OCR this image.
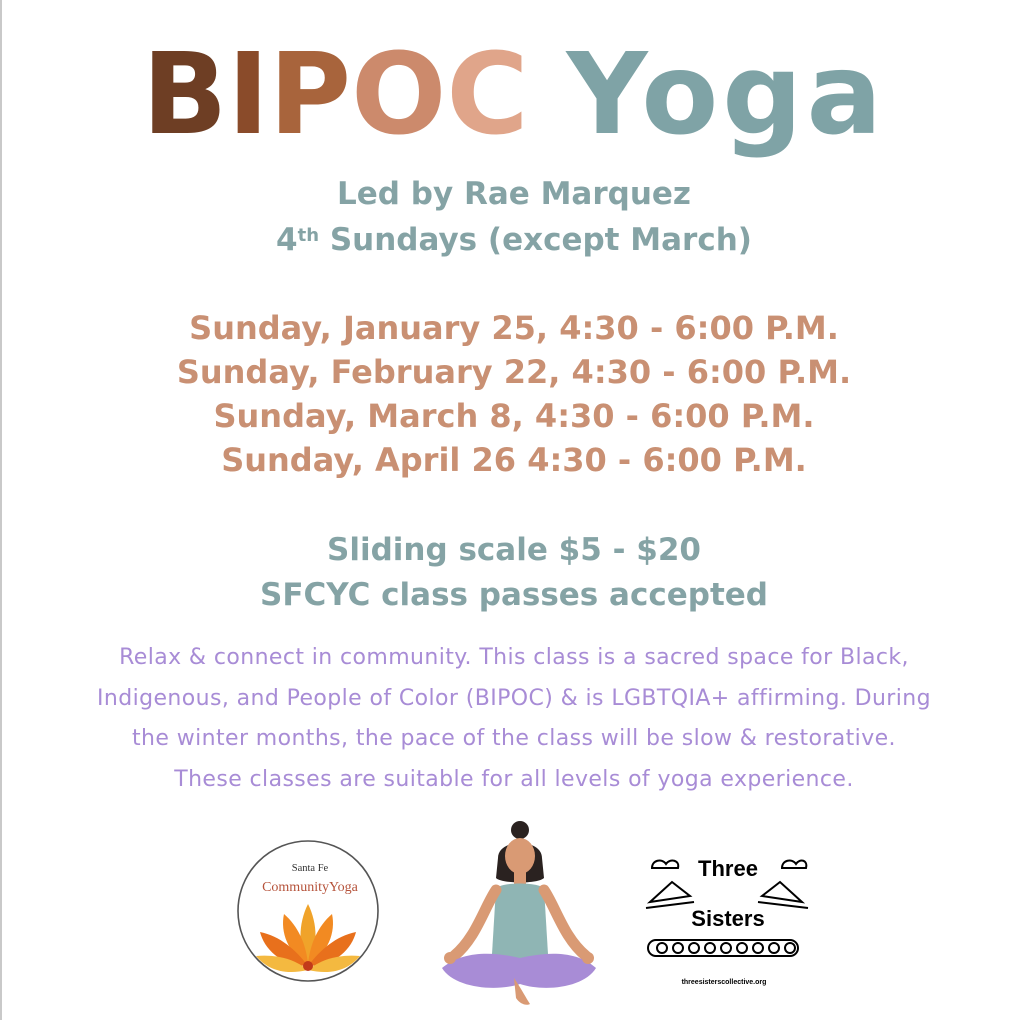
BIPOC Yoga
Led by Rae Marquez
4th Sundays (except March)
Sunday, January 25, 4:30 - 6:00 P.M.
Sunday, February 22, 4:30 - 6:00 P.M.
Sunday, March 8, 4:30 - 6:00 P.M.
Sunday, April 26 4:30 - 6:00 P.M.
Sliding scale $5 - $20
SFCYC class passes accepted
Relax & connect in community. This class is a sacred space for Black,
Indigenous, and People of Color (BIPOC) & is LGBTQIA+ affirming. During
the winter months, the pace of the class will be slow & restorative.
These classes are suitable for all levels of yoga experience.
Santa Fe
CommunityYoga
Three
Sisters
threesisterscollective.org
